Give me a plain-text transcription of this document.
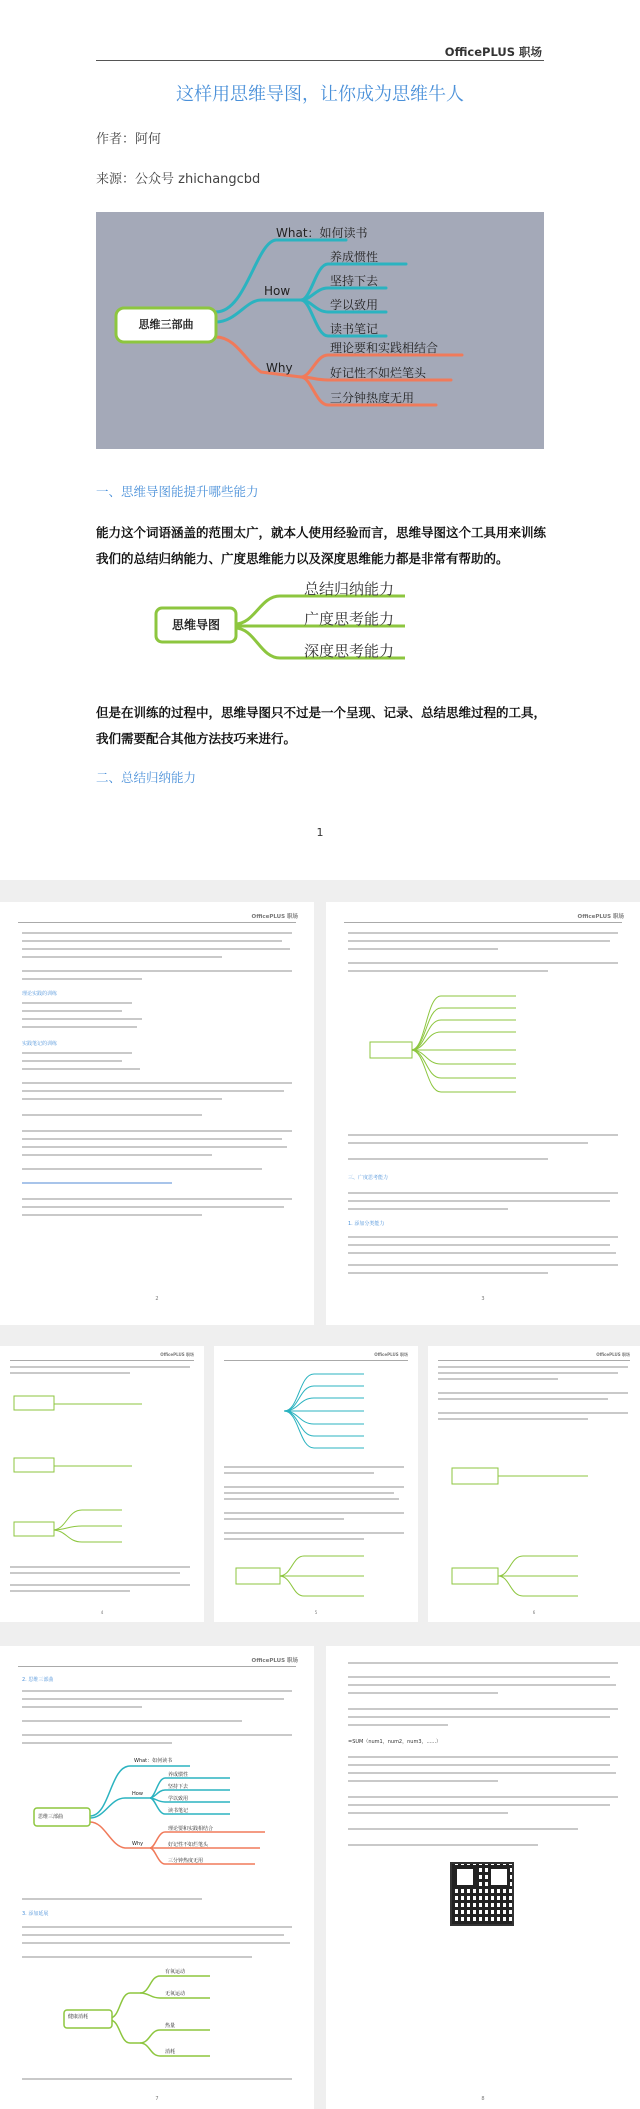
OfficePLUS 职场
这样用思维导图，让你成为思维牛人
作者：阿何
来源：公众号 zhichangcbd
思维三部曲
What：如何读书
How
养成惯性
坚持下去
学以致用
读书笔记
Why
理论要和实践相结合
好记性不如烂笔头
三分钟热度无用
一、思维导图能提升哪些能力
能力这个词语涵盖的范围太广，就本人使用经验而言，思维导图这个工具用来训练我们的总结归纳能力、广度思维能力以及深度思维能力都是非常有帮助的。
思维导图
总结归纳能力
广度思考能力
深度思考能力
但是在训练的过程中，思维导图只不过是一个呈现、记录、总结思维过程的工具，我们需要配合其他方法技巧来进行。
二、总结归纳能力
1
OfficePLUS 职场
理论实践的训练
实践笔记的训练
2
OfficePLUS 职场
三、广度思考能力
1. 添加分类能力
3
OfficePLUS 职场
4
OfficePLUS 职场
5
OfficePLUS 职场
6
OfficePLUS 职场
2. 思维三部曲
思维三部曲
What：如何读书
How
Why
养成惯性
坚持下去
学以致用
读书笔记
理论要和实践相结合
好记性不如烂笔头
三分钟热度无用
3. 添加延展
健康消耗
有氧运动
无氧运动
热量
消耗
7
=SUM（num1，num2，num3，......）
8
